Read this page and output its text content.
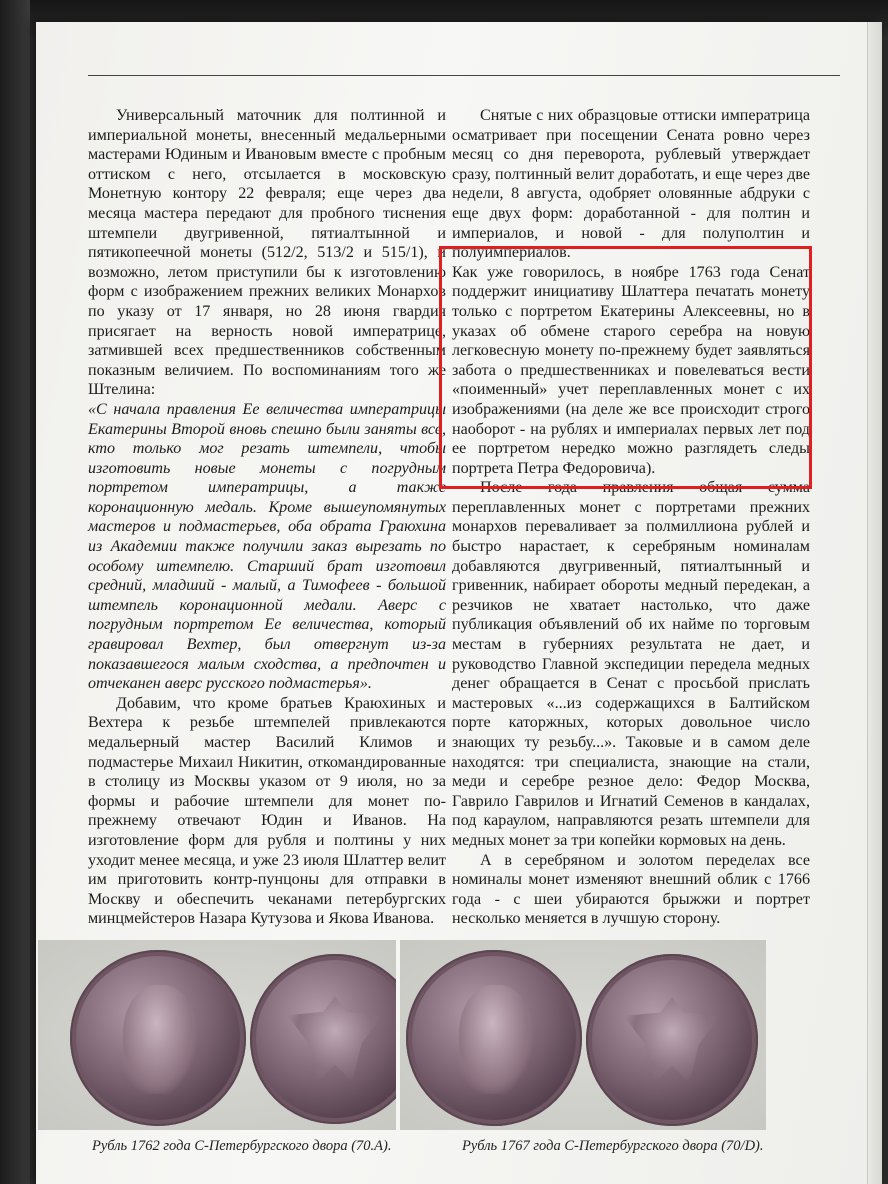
Универсальный маточник для полтинной и империальной монеты, внесенный медальерными мастерами Юдиным и Ивановым вместе с пробным оттиском с него, отсылается в московскую Монетную контору 22 февраля; еще через два месяца мастера передают для пробного тиснения штемпели двугривенной, пятиалтынной и пятикопеечной монеты (512/2, 513/2 и 515/1), и возможно, летом приступили бы к изготовлению форм с изображением прежних великих Монархов по указу от 17 января, но 28 июня гвардия присягает на верность новой императрице, затмившей всех предшественников собственным показным величием. По воспоминаниям того же Штелина:

«С начала правления Ее величества императрицы Екатерины Второй вновь спешно были заняты все, кто только мог резать штемпели, чтобы изготовить новые монеты с погрудным портретом императрицы, а также коронационную медаль. Кроме вышеупомянутых мастеров и подмастерьев, оба обрата Граюхина из Академии также получили заказ вырезать по особому штемпелю. Старший брат изготовил средний, младший - малый, а Тимофеев - большой штемпель коронационной медали. Аверс с погрудным портретом Ее величества, который гравировал Вехтер, был отвергнут из-за показавшегося малым сходства, а предпочтен и отчеканен аверс русского подмастерья».

Добавим, что кроме братьев Краюхиных и Вехтера к резьбе штемпелей привлекаются медальерный мастер Василий Климов и подмастерье Михаил Никитин, откомандированные в столицу из Москвы указом от 9 июля, но за формы и рабочие штемпели для монет по-прежнему отвечают Юдин и Иванов. На изготовление форм для рубля и полтины у них уходит менее месяца, и уже 23 июля Шлаттер велит им приготовить контр-пунцоны для отправки в Москву и обеспечить чеканами петербургских минцмейстеров Назара Кутузова и Якова Иванова.

Снятые с них образцовые оттиски императрица осматривает при посещении Сената ровно через месяц со дня переворота, рублевый утверждает сразу, полтинный велит доработать, и еще через две недели, 8 августа, одобряет оловянные абдруки с еще двух форм: доработанной - для полтин и империалов, и новой - для полуполтин и полуимпериалов.

Как уже говорилось, в ноябре 1763 года Сенат поддержит инициативу Шлаттера печатать монету только с портретом Екатерины Алексеевны, но в указах об обмене старого серебра на новую легковесную монету по-прежнему будет заявляться забота о предшественниках и повелеваться вести «поименный» учет переплавленных монет с их изображениями (на деле же все происходит строго наоборот - на рублях и империалах первых лет под ее портретом нередко можно разглядеть следы портрета Петра Федоровича).

После года правления общая сумма переплавленных монет с портретами прежних монархов переваливает за полмиллиона рублей и быстро нарастает, к серебряным номиналам добавляются двугривенный, пятиалтынный и гривенник, набирает обороты медный передекан, а резчиков не хватает настолько, что даже публикация объявлений об их найме по торговым местам в губерниях результата не дает, и руководство Главной экспедиции передела медных денег обращается в Сенат с просьбой прислать мастеровых «...из содержащихся в Балтийском порте каторжных, которых довольное число знающих ту резьбу...». Таковые и в самом деле находятся: три специалиста, знающие на стали, меди и серебре резное дело: Федор Москва, Гаврило Гаврилов и Игнатий Семенов в кандалах, под караулом, направляются резать штемпели для медных монет за три копейки кормовых на день.

А в серебряном и золотом переделах все номиналы монет изменяют внешний облик с 1766 года - с шеи убираются брыжжи и портрет несколько меняется в лучшую сторону.

Рубль 1762 года С-Петербургского двора (70.A).	Рубль 1767 года С-Петербургского двора (70/D).
